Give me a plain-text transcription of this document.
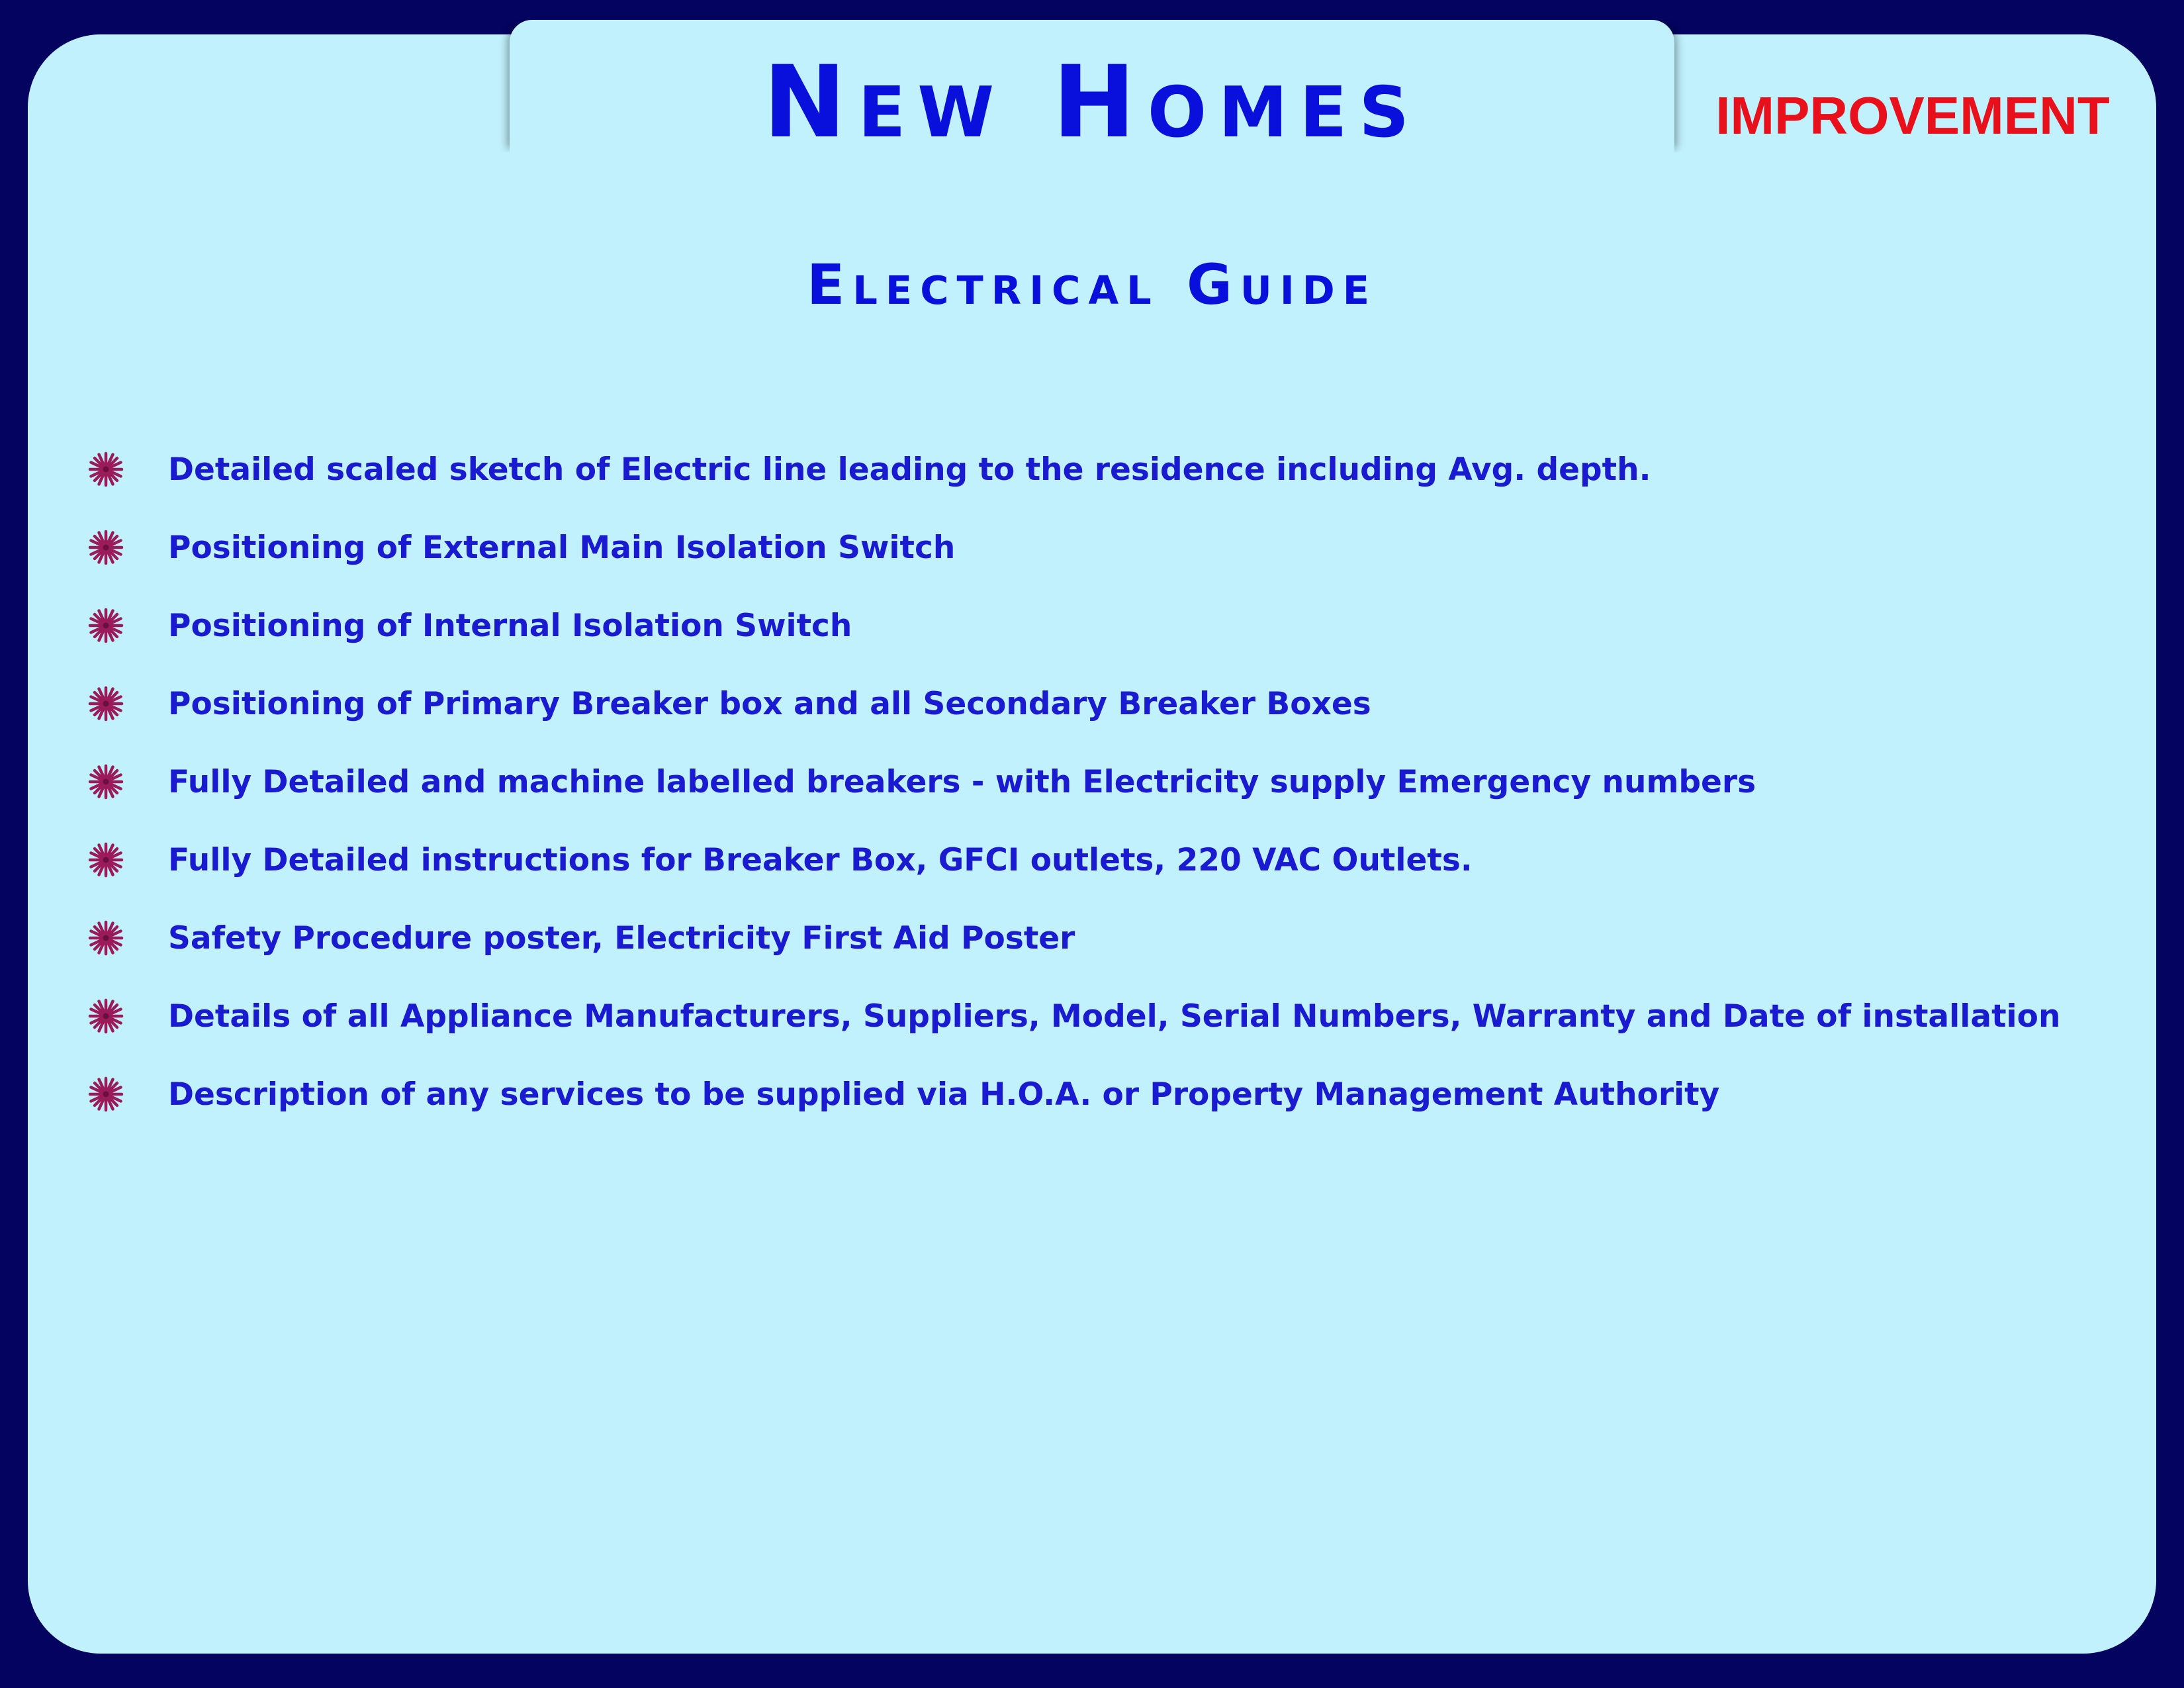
New Homes	IMPROVEMENT
Electrical Guide
Detailed scaled sketch of Electric line leading to the residence including Avg. depth.
Positioning of External Main Isolation Switch
Positioning of Internal Isolation Switch
Positioning of Primary Breaker box and all Secondary Breaker Boxes
Fully Detailed and machine labelled breakers - with Electricity supply Emergency numbers
Fully Detailed instructions for Breaker Box, GFCI outlets, 220 VAC Outlets.
Safety Procedure poster, Electricity First Aid Poster
Details of all Appliance Manufacturers, Suppliers, Model, Serial Numbers, Warranty and Date of installation
Description of any services to be supplied via H.O.A. or Property Management Authority
